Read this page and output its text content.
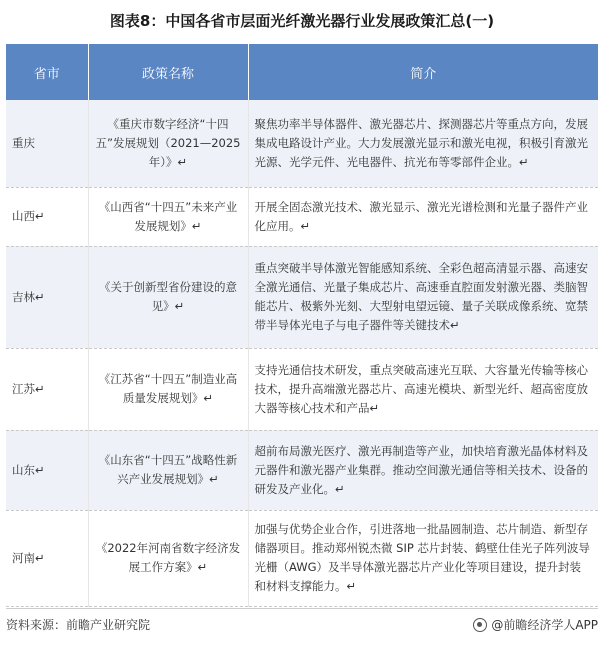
图表8：中国各省市层面光纤激光器行业发展政策汇总(一)
省市	政策名称	简介
重庆	《重庆市数字经济“十四五”发展规划（2021—2025年）》↵	聚焦功率半导体器件、激光器芯片、探测器芯片等重点方向，发展集成电路设计产业。大力发展激光显示和激光电视，积极引育激光光源、光学元件、光电器件、抗光布等零部件企业。↵
山西↵	《山西省“十四五”未来产业发展规划》↵	开展全固态激光技术、激光显示、激光光谱检测和光量子器件产业化应用。↵
吉林↵	《关于创新型省份建设的意见》↵	重点突破半导体激光智能感知系统、全彩色超高清显示器、高速安全激光通信、光量子集成芯片、高速垂直腔面发射激光器、类脑智能芯片、极紫外光刻、大型射电望远镜、量子关联成像系统、宽禁带半导体光电子与电子器件等关键技术↵
江苏↵	《江苏省“十四五”制造业高质量发展规划》↵	支持光通信技术研发，重点突破高速光互联、大容量光传输等核心技术，提升高端激光器芯片、高速光模块、新型光纤、超高密度放大器等核心技术和产品↵
山东↵	《山东省“十四五”战略性新兴产业发展规划》↵	超前布局激光医疗、激光再制造等产业，加快培育激光晶体材料及元器件和激光器产业集群。推动空间激光通信等相关技术、设备的研发及产业化。↵
河南↵	《2022年河南省数字经济发展工作方案》↵	加强与优势企业合作，引进落地一批晶圆制造、芯片制造、新型存储器项目。推动郑州锐杰微 SIP 芯片封装、鹤壁仕佳光子阵列波导光栅（AWG）及半导体激光器芯片产业化等项目建设，提升封装和材料支撑能力。↵
资料来源：前瞻产业研究院	@前瞻经济学人APP
